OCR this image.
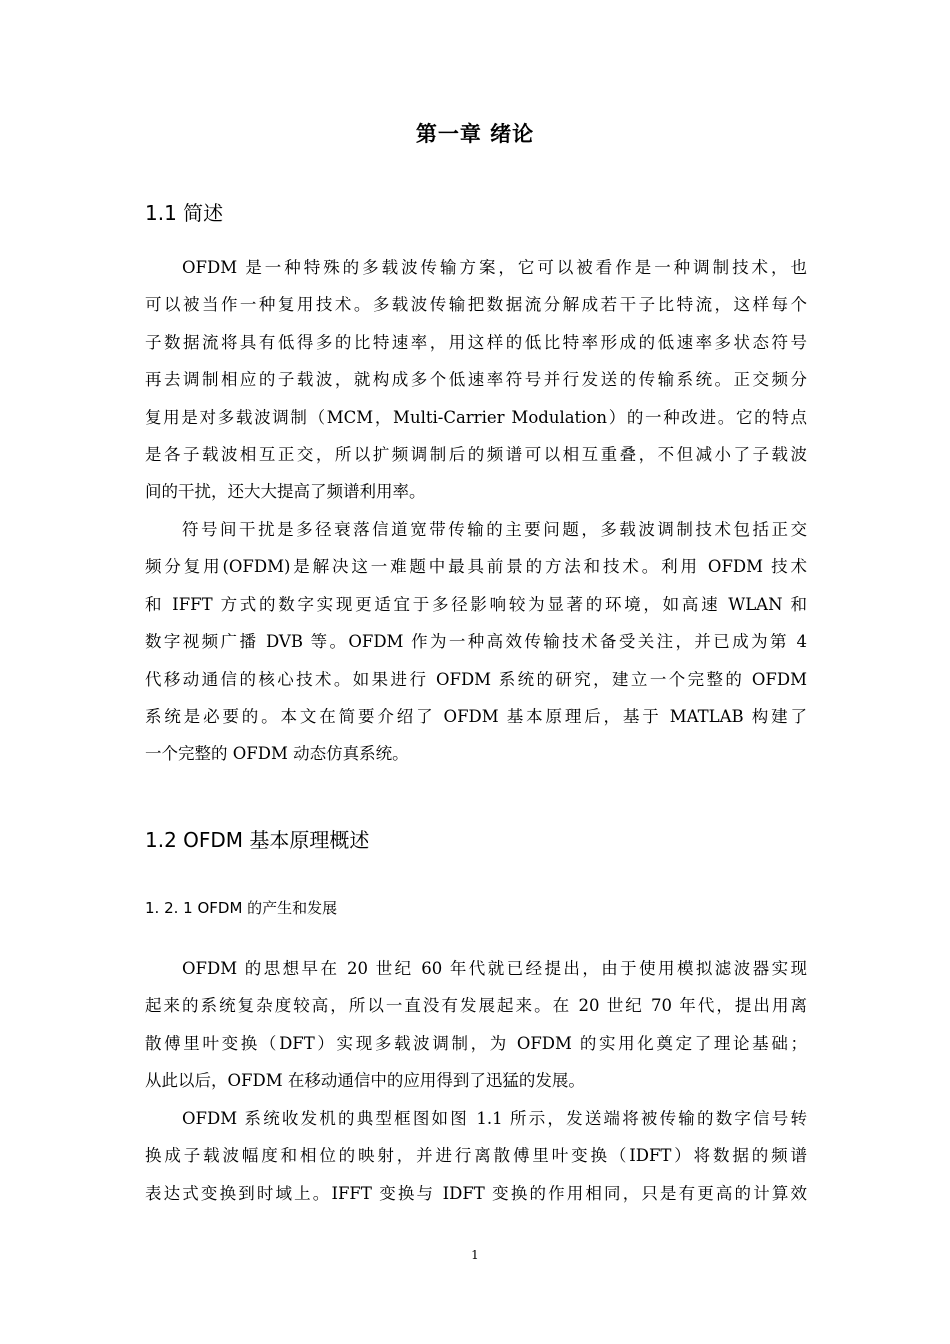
第一章 绪论
1.1 简述
OFDM 是一种特殊的多载波传输方案，它可以被看作是一种调制技术，也
可以被当作一种复用技术。多载波传输把数据流分解成若干子比特流，这样每个
子数据流将具有低得多的比特速率，用这样的低比特率形成的低速率多状态符号
再去调制相应的子载波，就构成多个低速率符号并行发送的传输系统。正交频分
复用是对多载波调制（MCM，Multi-Carrier Modulation）的一种改进。它的特点
是各子载波相互正交，所以扩频调制后的频谱可以相互重叠，不但减小了子载波
间的干扰，还大大提高了频谱利用率。
符号间干扰是多径衰落信道宽带传输的主要问题，多载波调制技术包括正交
频分复用(OFDM)是解决这一难题中最具前景的方法和技术。利用 OFDM 技术
和 IFFT 方式的数字实现更适宜于多径影响较为显著的环境，如高速 WLAN 和
数字视频广播 DVB 等。OFDM 作为一种高效传输技术备受关注，并已成为第 4
代移动通信的核心技术。如果进行 OFDM 系统的研究，建立一个完整的 OFDM
系统是必要的。本文在简要介绍了 OFDM 基本原理后，基于 MATLAB 构建了
一个完整的 OFDM 动态仿真系统。
1.2 OFDM 基本原理概述
1. 2. 1 OFDM 的产生和发展
OFDM 的思想早在 20 世纪 60 年代就已经提出，由于使用模拟滤波器实现
起来的系统复杂度较高，所以一直没有发展起来。在 20 世纪 70 年代，提出用离
散傅里叶变换（DFT）实现多载波调制，为 OFDM 的实用化奠定了理论基础；
从此以后，OFDM 在移动通信中的应用得到了迅猛的发展。
OFDM 系统收发机的典型框图如图 1.1 所示，发送端将被传输的数字信号转
换成子载波幅度和相位的映射，并进行离散傅里叶变换（IDFT）将数据的频谱
表达式变换到时域上。IFFT 变换与 IDFT 变换的作用相同，只是有更高的计算效
1
